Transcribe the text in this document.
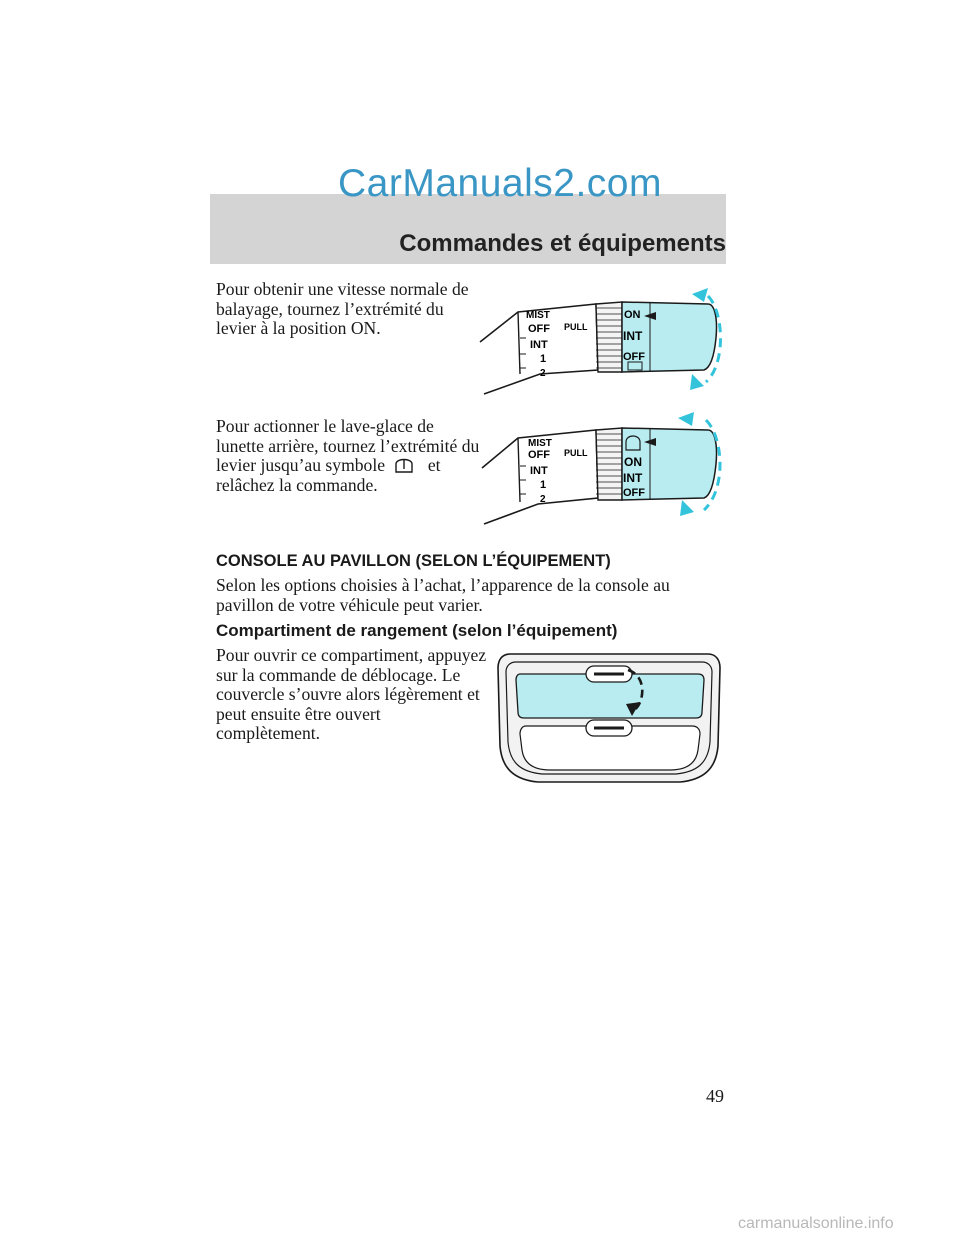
CarManuals2.com
Commandes et équipements
Pour obtenir une vitesse normale de balayage, tournez l’extrémité du levier à la position ON.
MIST
OFF PULL
INT
1
2
ON
INT
OFF
Pour actionner le lave-glace de lunette arrière, tournez l’extrémité du levier jusqu’au symbole et relâchez la commande.
MIST
OFF PULL
INT
1
2
ON
INT
OFF
CONSOLE AU PAVILLON (SELON L’ÉQUIPEMENT)
Selon les options choisies à l’achat, l’apparence de la console au pavillon de votre véhicule peut varier.
Compartiment de rangement (selon l’équipement)
Pour ouvrir ce compartiment, appuyez sur la commande de déblocage. Le couvercle s’ouvre alors légèrement et peut ensuite être ouvert complètement.
49
carmanualsonline.info
